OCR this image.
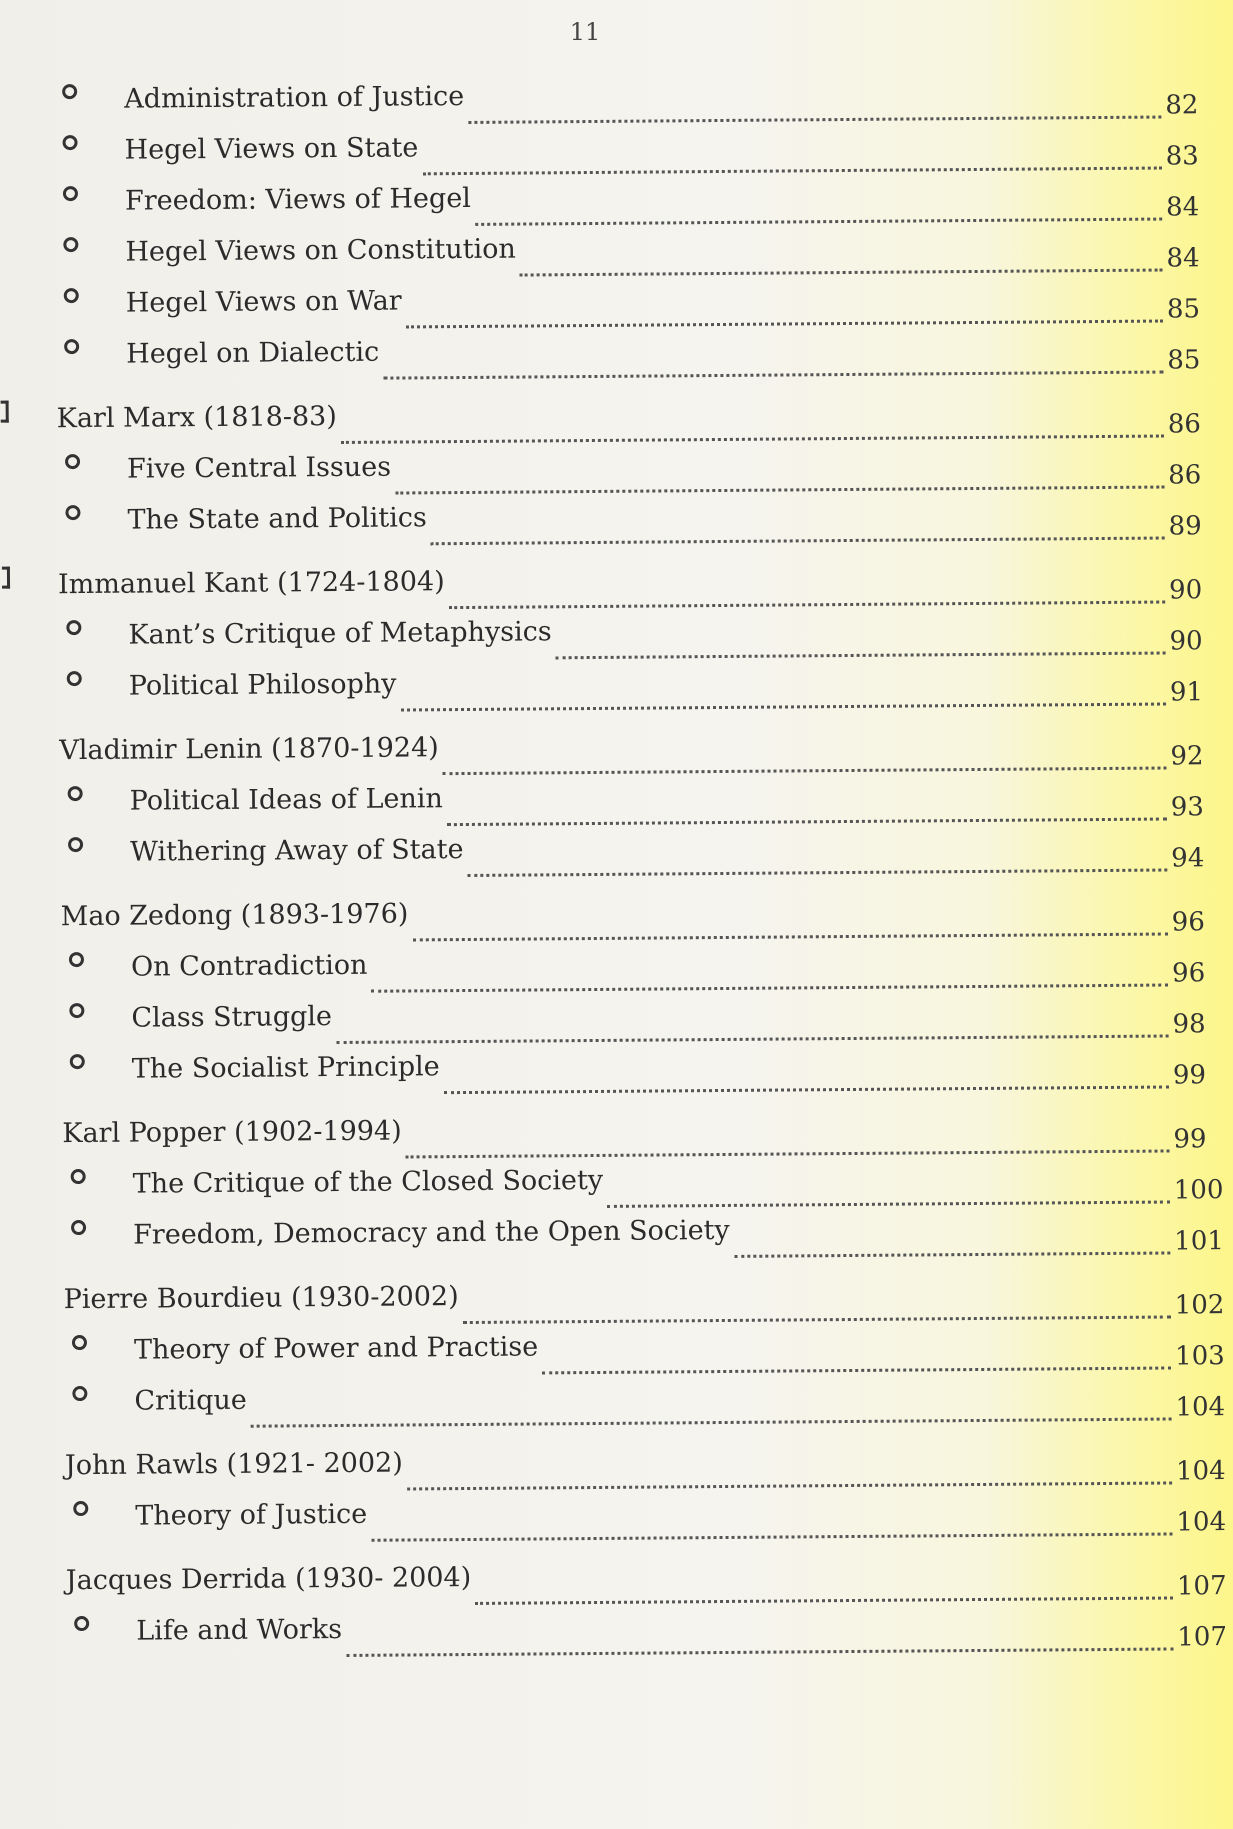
11
Administration of Justice	82
Hegel Views on State	83
Freedom: Views of Hegel	84
Hegel Views on Constitution	84
Hegel Views on War	85
Hegel on Dialectic	85
Karl Marx (1818-83)	86
Five Central Issues	86
The State and Politics	89
Immanuel Kant (1724-1804)	90
Kant’s Critique of Metaphysics	90
Political Philosophy	91
Vladimir Lenin (1870-1924)	92
Political Ideas of Lenin	93
Withering Away of State	94
Mao Zedong (1893-1976)	96
On Contradiction	96
Class Struggle	98
The Socialist Principle	99
Karl Popper (1902-1994)	99
The Critique of the Closed Society	100
Freedom, Democracy and the Open Society	101
Pierre Bourdieu (1930-2002)	102
Theory of Power and Practise	103
Critique	104
John Rawls (1921- 2002)	104
Theory of Justice	104
Jacques Derrida (1930- 2004)	107
Life and Works	107
